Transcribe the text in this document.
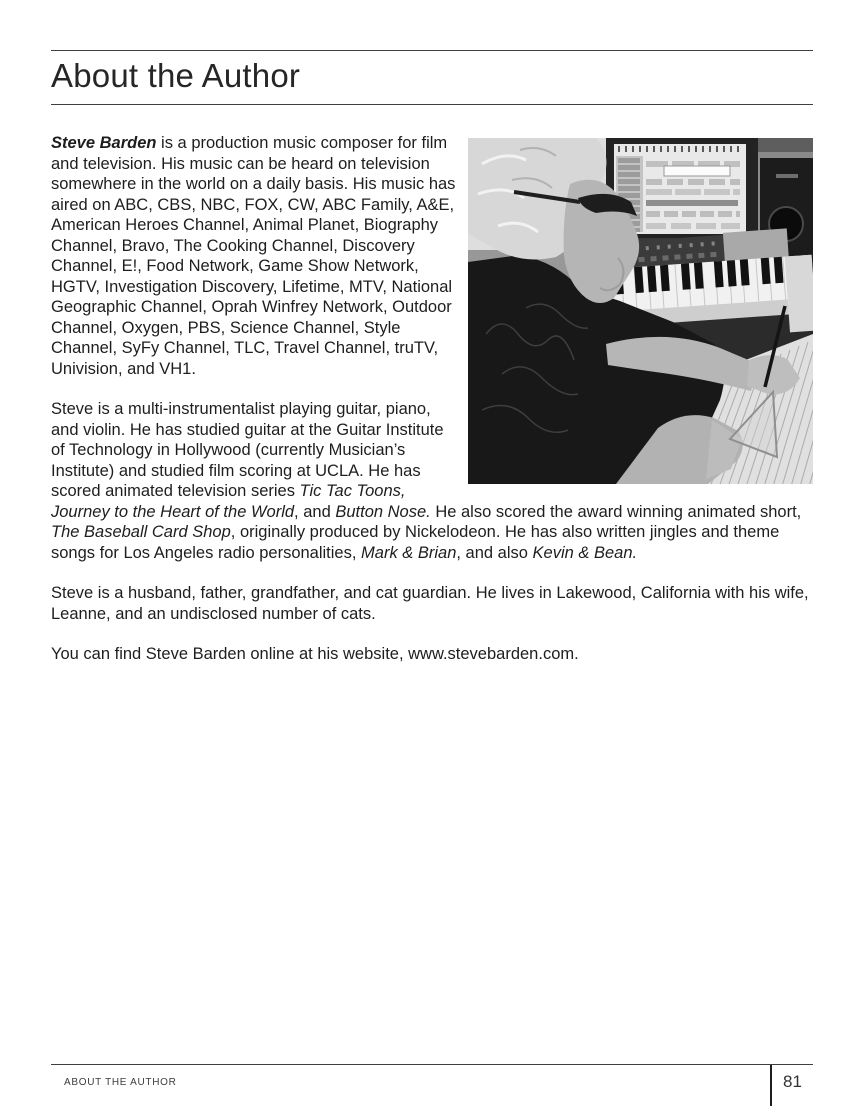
About the Author

Steve Barden is a production music composer for film and television. His music can be heard on television somewhere in the world on a daily basis. His music has aired on ABC, CBS, NBC, FOX, CW, ABC Family, A&E, American Heroes Channel, Animal Planet, Biography Channel, Bravo, The Cooking Channel, Discovery Channel, E!, Food Network, Game Show Network, HGTV, Investigation Discovery, Lifetime, MTV, National Geographic Channel, Oprah Winfrey Network, Outdoor Channel, Oxygen, PBS, Science Channel, Style Channel, SyFy Channel, TLC, Travel Channel, truTV, Univision, and VH1.

Steve is a multi-instrumentalist playing guitar, piano, and violin. He has studied guitar at the Guitar Institute of Technology in Hollywood (currently Musician’s Institute) and studied film scoring at UCLA. He has scored animated television series Tic Tac Toons, Journey to the Heart of the World, and Button Nose. He also scored the award winning animated short, The Baseball Card Shop, originally produced by Nickelodeon. He has also written jingles and theme songs for Los Angeles radio personalities, Mark & Brian, and also Kevin & Bean.

Steve is a husband, father, grandfather, and cat guardian. He lives in Lakewood, California with his wife, Leanne, and an undisclosed number of cats.

You can find Steve Barden online at his website, www.stevebarden.com.

ABOUT THE AUTHOR	81
